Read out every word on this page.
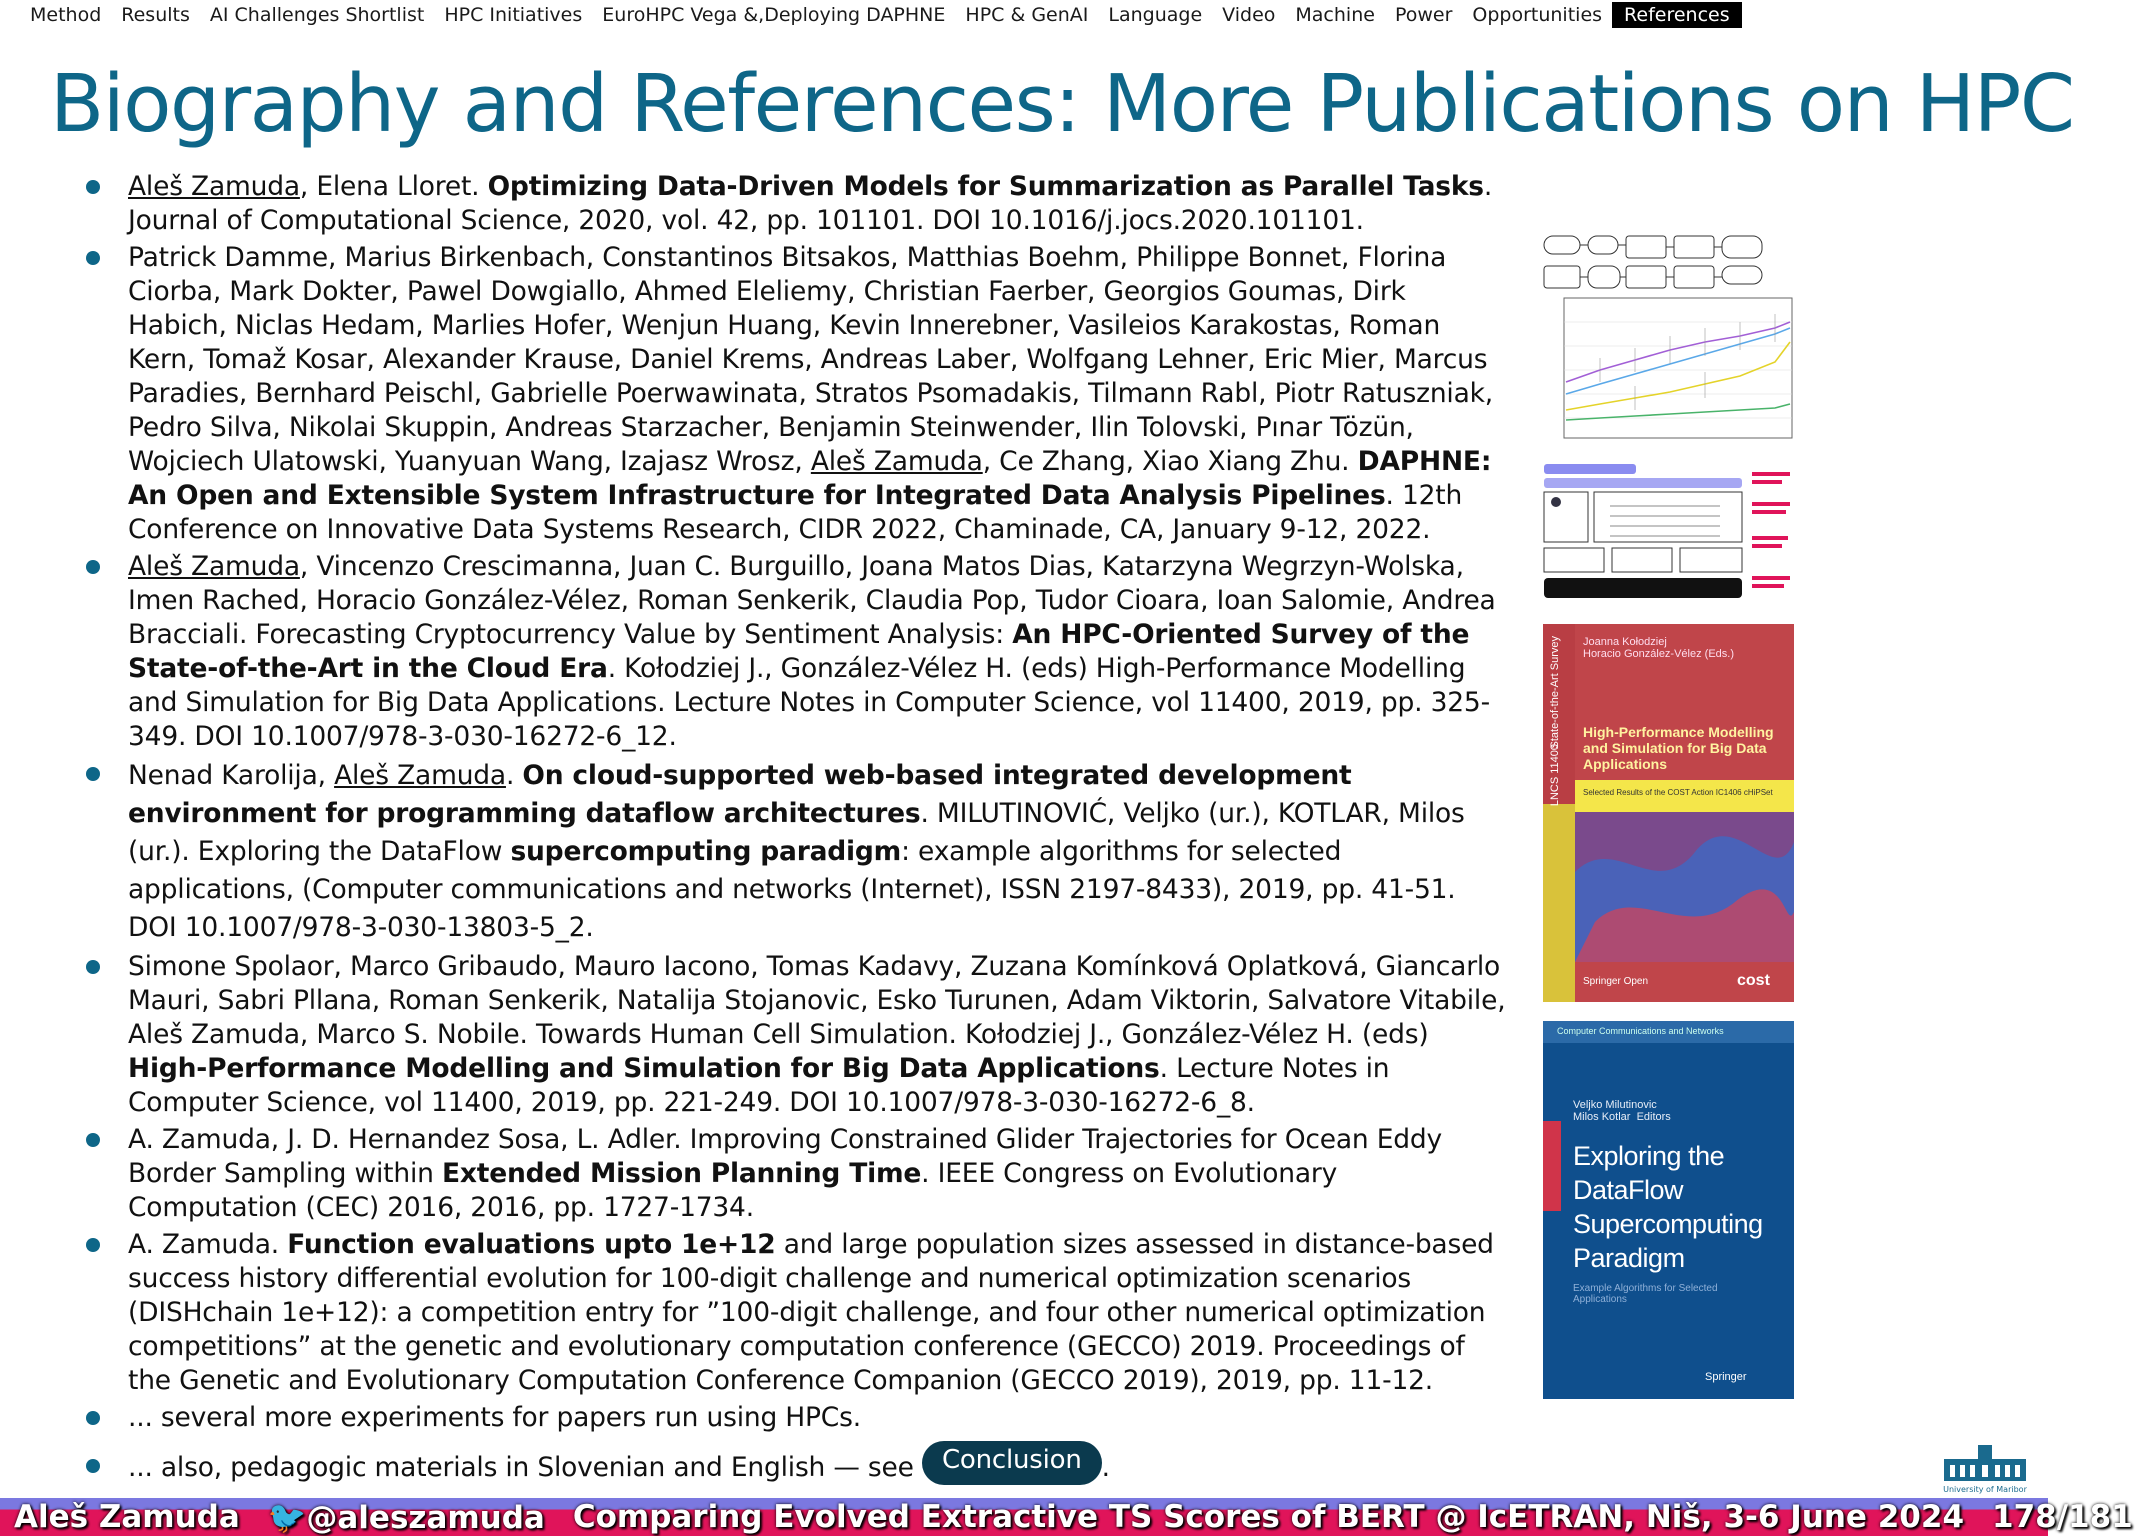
Method	Results	AI Challenges Shortlist	HPC Initiatives	EuroHPC Vega &,Deploying DAPHNE	HPC & GenAI	Language	Video	Machine	Power	Opportunities	References
Biography and References: More Publications on HPC
Aleš Zamuda, Elena Lloret. Optimizing Data-Driven Models for Summarization as Parallel Tasks. Journal of Computational Science, 2020, vol. 42, pp. 101101. DOI 10.1016/j.jocs.2020.101101.
Patrick Damme, Marius Birkenbach, Constantinos Bitsakos, Matthias Boehm, Philippe Bonnet, Florina Ciorba, Mark Dokter, Pawel Dowgiallo, Ahmed Eleliemy, Christian Faerber, Georgios Goumas, Dirk Habich, Niclas Hedam, Marlies Hofer, Wenjun Huang, Kevin Innerebner, Vasileios Karakostas, Roman Kern, Tomaž Kosar, Alexander Krause, Daniel Krems, Andreas Laber, Wolfgang Lehner, Eric Mier, Marcus Paradies, Bernhard Peischl, Gabrielle Poerwawinata, Stratos Psomadakis, Tilmann Rabl, Piotr Ratuszniak, Pedro Silva, Nikolai Skuppin, Andreas Starzacher, Benjamin Steinwender, Ilin Tolovski, Pınar Tözün, Wojciech Ulatowski, Yuanyuan Wang, Izajasz Wrosz, Aleš Zamuda, Ce Zhang, Xiao Xiang Zhu. DAPHNE: An Open and Extensible System Infrastructure for Integrated Data Analysis Pipelines. 12th Conference on Innovative Data Systems Research, CIDR 2022, Chaminade, CA, January 9-12, 2022.
Aleš Zamuda, Vincenzo Crescimanna, Juan C. Burguillo, Joana Matos Dias, Katarzyna Wegrzyn-Wolska, Imen Rached, Horacio González-Vélez, Roman Senkerik, Claudia Pop, Tudor Cioara, Ioan Salomie, Andrea Bracciali. Forecasting Cryptocurrency Value by Sentiment Analysis: An HPC-Oriented Survey of the State-of-the-Art in the Cloud Era. Kołodziej J., González-Vélez H. (eds) High-Performance Modelling and Simulation for Big Data Applications. Lecture Notes in Computer Science, vol 11400, 2019, pp. 325-349. DOI 10.1007/978-3-030-16272-6_12.
Nenad Karolija, Aleš Zamuda. On cloud-supported web-based integrated development environment for programming dataflow architectures. MILUTINOVIĆ, Veljko (ur.), KOTLAR, Milos (ur.). Exploring the DataFlow supercomputing paradigm: example algorithms for selected applications, (Computer communications and networks (Internet), ISSN 2197-8433), 2019, pp. 41-51. DOI 10.1007/978-3-030-13803-5_2.
Simone Spolaor, Marco Gribaudo, Mauro Iacono, Tomas Kadavy, Zuzana Komínková Oplatková, Giancarlo Mauri, Sabri Pllana, Roman Senkerik, Natalija Stojanovic, Esko Turunen, Adam Viktorin, Salvatore Vitabile, Aleš Zamuda, Marco S. Nobile. Towards Human Cell Simulation. Kołodziej J., González-Vélez H. (eds) High-Performance Modelling and Simulation for Big Data Applications. Lecture Notes in Computer Science, vol 11400, 2019, pp. 221-249. DOI 10.1007/978-3-030-16272-6_8.
A. Zamuda, J. D. Hernandez Sosa, L. Adler. Improving Constrained Glider Trajectories for Ocean Eddy Border Sampling within Extended Mission Planning Time. IEEE Congress on Evolutionary Computation (CEC) 2016, 2016, pp. 1727-1734.
A. Zamuda. Function evaluations upto 1e+12 and large population sizes assessed in distance-based success history differential evolution for 100-digit challenge and numerical optimization scenarios (DISHchain 1e+12): a competition entry for ”100-digit challenge, and four other numerical optimization competitions” at the genetic and evolutionary computation conference (GECCO) 2019. Proceedings of the Genetic and Evolutionary Computation Conference Companion (GECCO 2019), 2019, pp. 11-12.
... several more experiments for papers run using HPCs.
... also, pedagogic materials in Slovenian and English — see Conclusion .
State-of-the-Art Survey
LNCS 11400
Joanna Kołodziej
Horacio González-Vélez (Eds.)
High-Performance Modelling and Simulation for Big Data Applications
Selected Results of the COST Action IC1406 cHiPSet
Springer Open	cost
Computer Communications and Networks
Veljko Milutinovic
Milos Kotlar  Editors
Exploring the DataFlow Supercomputing Paradigm
Example Algorithms for Selected Applications
Springer
University of Maribor
Aleš Zamuda 🐦@aleszamuda Comparing Evolved Extractive TS Scores of BERT @ IcETRAN, Niš, 3-6 June 2024 178/181
